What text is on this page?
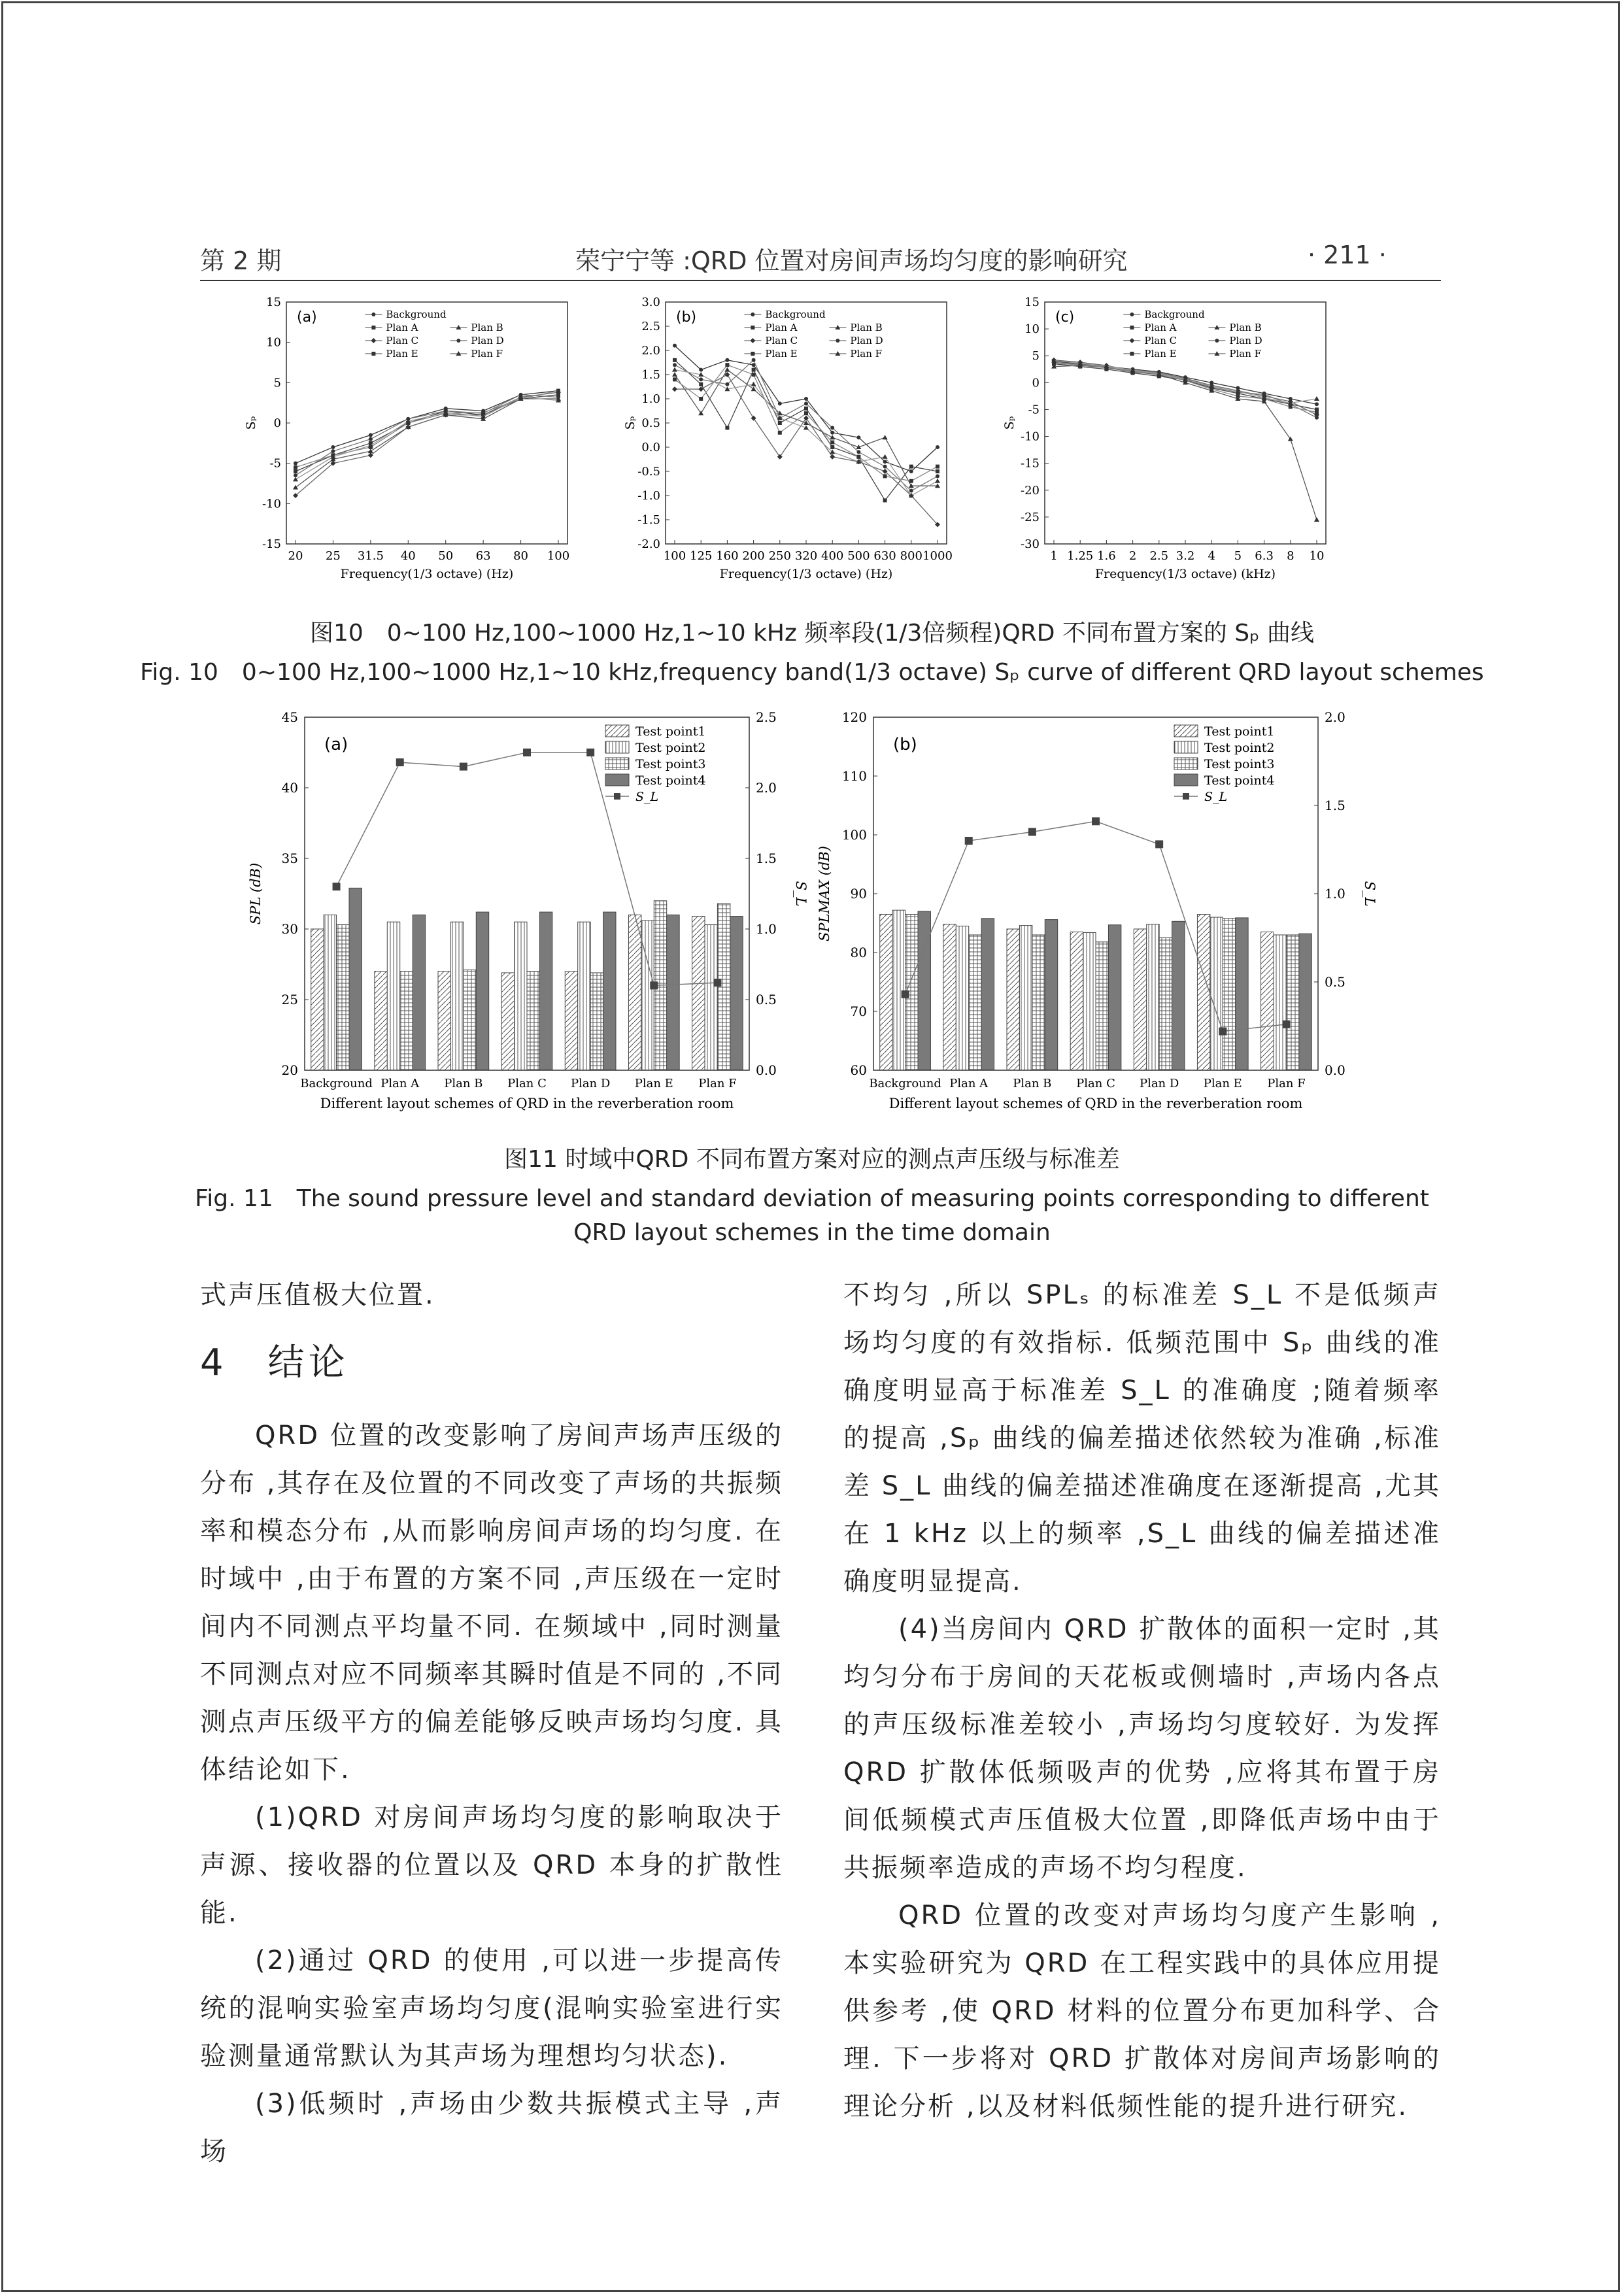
第 2 期	荣宁宁等 :QRD 位置对房间声场均匀度的影响研究	· 211 ·
-15
-10
-5
0
5
10
15
20 25 31.5 40 50 63 80 100
Frequency(1/3 octave) (Hz)
Sₚ
(a)	Background
Plan A	Plan B
Plan C	Plan D
Plan E	Plan F
-2.0
-1.5
-1.0
-0.5
0.0
0.5
1.0
1.5
2.0
2.5
3.0
100 125 160 200 250 320 400 500 630 800 1000
Frequency(1/3 octave) (Hz)
Sₚ
(b)	Background
Plan A	Plan B
Plan C	Plan D
Plan E	Plan F
-30
-25
-20
-15
-10
-5
0
5
10
15
1 1.25 1.6 2 2.5 3.2 4 5 6.3 8 10
Frequency(1/3 octave) (kHz)
Sₚ
(c)	Background
Plan A	Plan B
Plan C	Plan D
Plan E	Plan F
图10　0~100 Hz,100~1000 Hz,1~10 kHz 频率段(1/3倍频程)QRD 不同布置方案的 Sₚ 曲线
Fig. 10　0~100 Hz,100~1000 Hz,1~10 kHz,frequency band(1/3 octave) Sₚ curve of different QRD layout schemes
20
25
30
35
40
45
0.0
0.5
1.0
1.5
2.0
2.5
Background Plan A Plan B Plan C Plan D Plan E Plan F
Different layout schemes of QRD in the reverberation room
SPL (dB)	S_L
(a)
Test point1
Test point2
Test point3
Test point4
S_L
60
70
80
90
100
110
120
0.0
0.5
1.0
1.5
2.0
Background Plan A Plan B Plan C Plan D Plan E Plan F
Different layout schemes of QRD in the reverberation room
SPLMAX (dB)	S_L
(b)
Test point1
Test point2
Test point3
Test point4
S_L
图11 时域中QRD 不同布置方案对应的测点声压级与标准差
Fig. 11　The sound pressure level and standard deviation of measuring points corresponding to different
QRD layout schemes in the time domain

式声压值极大位置.

4　结论

QRD 位置的改变影响了房间声场声压级的分布 ,其存在及位置的不同改变了声场的共振频率和模态分布 ,从而影响房间声场的均匀度. 在时域中 ,由于布置的方案不同 ,声压级在一定时间内不同测点平均量不同. 在频域中 ,同时测量不同测点对应不同频率其瞬时值是不同的 ,不同测点声压级平方的偏差能够反映声场均匀度. 具体结论如下.

(1)QRD 对房间声场均匀度的影响取决于声源、接收器的位置以及 QRD 本身的扩散性能.

(2)通过 QRD 的使用 ,可以进一步提高传统的混响实验室声场均匀度(混响实验室进行实验测量通常默认为其声场为理想均匀状态).

(3)低频时 ,声场由少数共振模式主导 ,声场

不均匀 ,所以 SPLₛ 的标准差 S_L 不是低频声场均匀度的有效指标. 低频范围中 Sₚ 曲线的准确度明显高于标准差 S_L 的准确度 ;随着频率的提高 ,Sₚ 曲线的偏差描述依然较为准确 ,标准差 S_L 曲线的偏差描述准确度在逐渐提高 ,尤其在 1 kHz 以上的频率 ,S_L 曲线的偏差描述准确度明显提高.

(4)当房间内 QRD 扩散体的面积一定时 ,其均匀分布于房间的天花板或侧墙时 ,声场内各点的声压级标准差较小 ,声场均匀度较好. 为发挥 QRD 扩散体低频吸声的优势 ,应将其布置于房间低频模式声压值极大位置 ,即降低声场中由于共振频率造成的声场不均匀程度.

QRD 位置的改变对声场均匀度产生影响 ,本实验研究为 QRD 在工程实践中的具体应用提供参考 ,使 QRD 材料的位置分布更加科学、合理. 下一步将对 QRD 扩散体对房间声场影响的理论分析 ,以及材料低频性能的提升进行研究.
